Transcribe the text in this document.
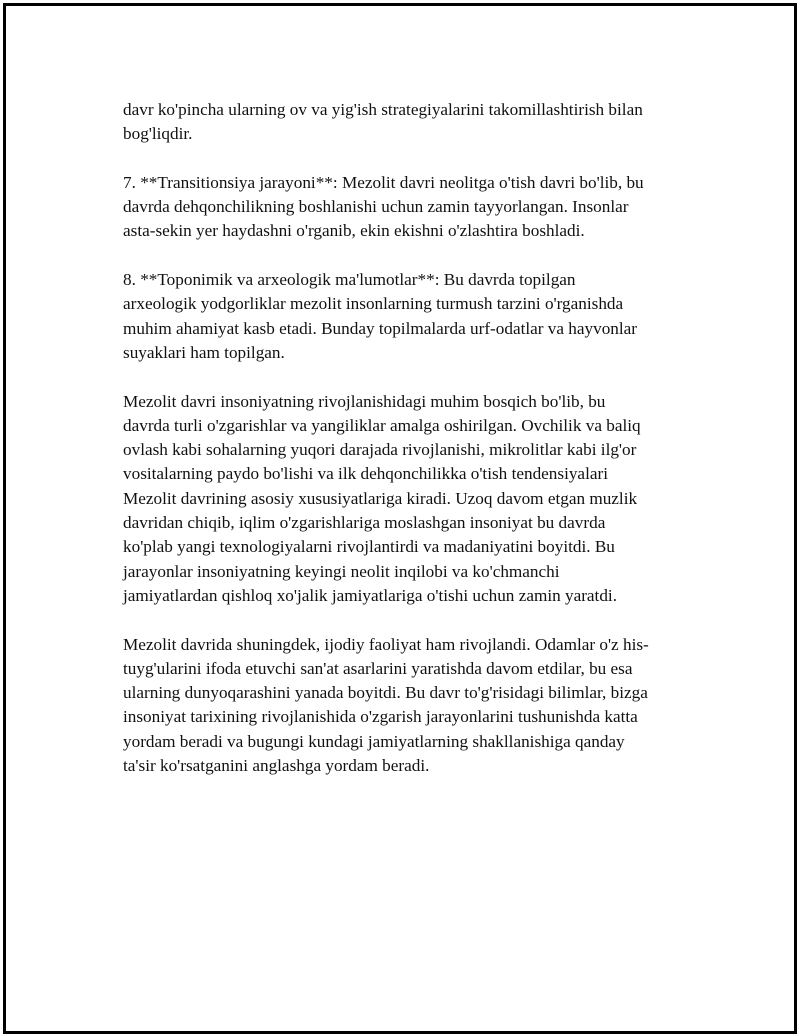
davr ko'pincha ularning ov va yig'ish strategiyalarini takomillashtirish bilan
bog'liqdir.

7. **Transitionsiya jarayoni**: Mezolit davri neolitga o'tish davri bo'lib, bu
davrda dehqonchilikning boshlanishi uchun zamin tayyorlangan. Insonlar
asta-sekin yer haydashni o'rganib, ekin ekishni o'zlashtira boshladi.

8. **Toponimik va arxeologik ma'lumotlar**: Bu davrda topilgan
arxeologik yodgorliklar mezolit insonlarning turmush tarzini o'rganishda
muhim ahamiyat kasb etadi. Bunday topilmalarda urf-odatlar va hayvonlar
suyaklari ham topilgan.

Mezolit davri insoniyatning rivojlanishidagi muhim bosqich bo'lib, bu
davrda turli o'zgarishlar va yangiliklar amalga oshirilgan. Ovchilik va baliq
ovlash kabi sohalarning yuqori darajada rivojlanishi, mikrolitlar kabi ilg'or
vositalarning paydo bo'lishi va ilk dehqonchilikka o'tish tendensiyalari
Mezolit davrining asosiy xususiyatlariga kiradi. Uzoq davom etgan muzlik
davridan chiqib, iqlim o'zgarishlariga moslashgan insoniyat bu davrda
ko'plab yangi texnologiyalarni rivojlantirdi va madaniyatini boyitdi. Bu
jarayonlar insoniyatning keyingi neolit inqilobi va ko'chmanchi
jamiyatlardan qishloq xo'jalik jamiyatlariga o'tishi uchun zamin yaratdi.

Mezolit davrida shuningdek, ijodiy faoliyat ham rivojlandi. Odamlar o'z his-
tuyg'ularini ifoda etuvchi san'at asarlarini yaratishda davom etdilar, bu esa
ularning dunyoqarashini yanada boyitdi. Bu davr to'g'risidagi bilimlar, bizga
insoniyat tarixining rivojlanishida o'zgarish jarayonlarini tushunishda katta
yordam beradi va bugungi kundagi jamiyatlarning shakllanishiga qanday
ta'sir ko'rsatganini anglashga yordam beradi.
